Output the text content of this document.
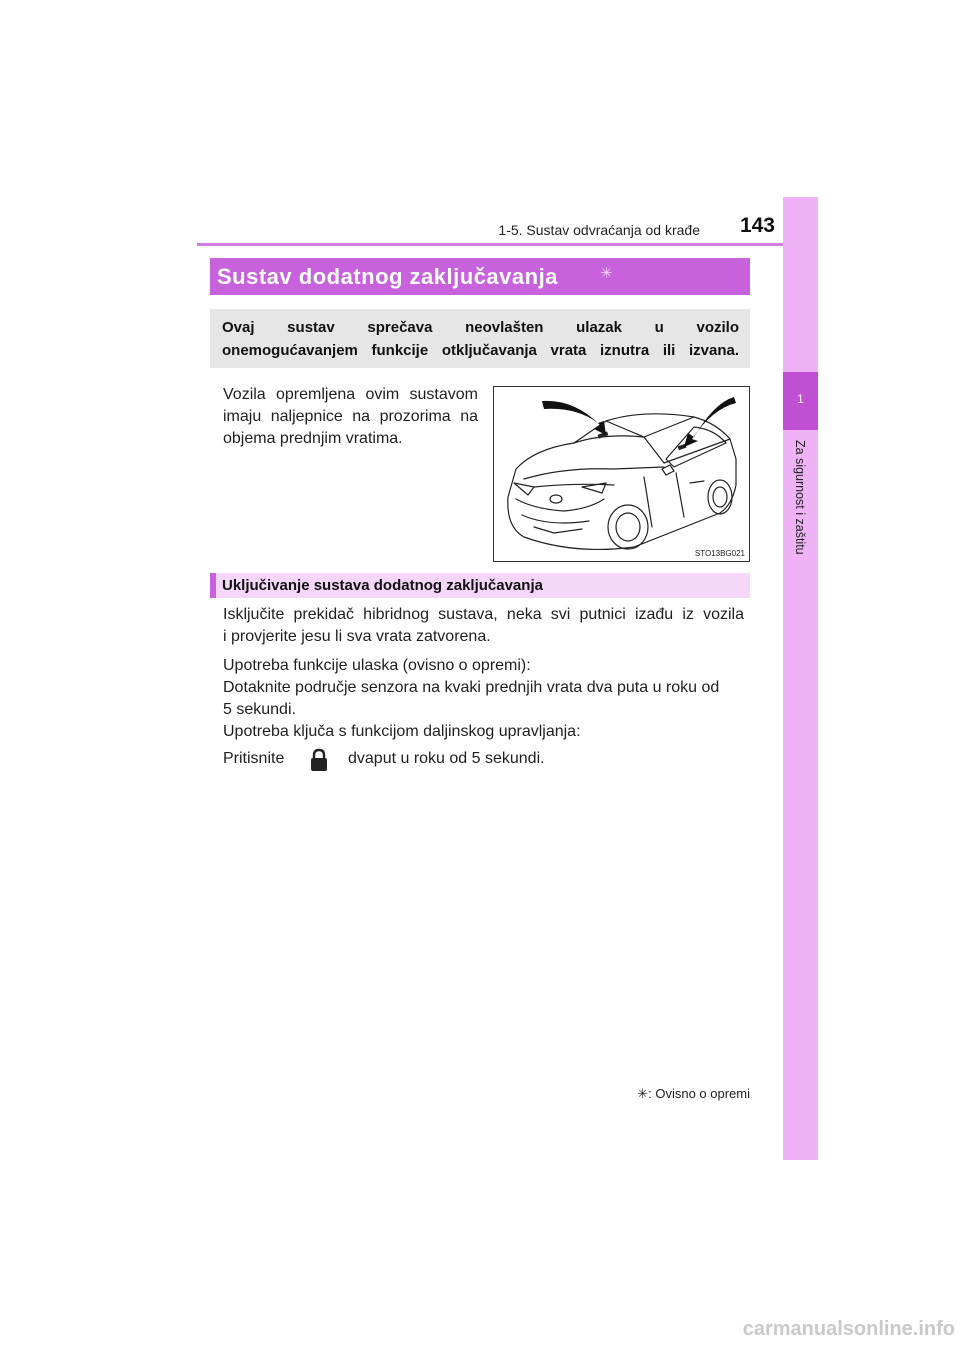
1-5. Sustav odvraćanja od krađe	143
1
Za sigurnost i zaštitu
Sustav dodatnog zaključavanja	✳
Ovaj sustav sprečava neovlašten ulazak u vozilo
onemogućavanjem funkcije otključavanja vrata iznutra ili izvana.
Vozila opremljena ovim sustavom
imaju naljepnice na prozorima na
objema prednjim vratima.
STO13BG021
Uključivanje sustava dodatnog zaključavanja
Isključite prekidač hibridnog sustava, neka svi putnici izađu iz vozila
i provjerite jesu li sva vrata zatvorena.
Upotreba funkcije ulaska (ovisno o opremi):
Dotaknite područje senzora na kvaki prednjih vrata dva puta u roku od
5 sekundi.
Upotreba ključa s funkcijom daljinskog upravljanja:
Pritisnite	dvaput u roku od 5 sekundi.
✳: Ovisno o opremi
carmanualsonline.info
